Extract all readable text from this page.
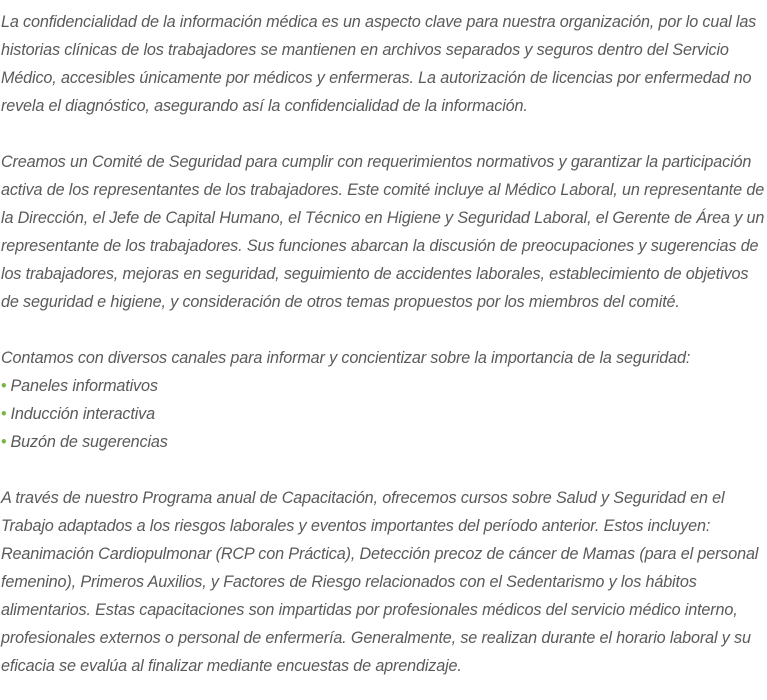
La confidencialidad de la información médica es un aspecto clave para nuestra organización, por lo cual las historias clínicas de los trabajadores se mantienen en archivos separados y seguros dentro del Servicio Médico, accesibles únicamente por médicos y enfermeras. La autorización de licencias por enfermedad no revela el diagnóstico, asegurando así la confidencialidad de la información.

Creamos un Comité de Seguridad para cumplir con requerimientos normativos y garantizar la participación activa de los representantes de los trabajadores. Este comité incluye al Médico Laboral, un representante de la Dirección, el Jefe de Capital Humano, el Técnico en Higiene y Seguridad Laboral, el Gerente de Área y un representante de los trabajadores. Sus funciones abarcan la discusión de preocupaciones y sugerencias de los trabajadores, mejoras en seguridad, seguimiento de accidentes laborales, establecimiento de objetivos de seguridad e higiene, y consideración de otros temas propuestos por los miembros del comité.

Contamos con diversos canales para informar y concientizar sobre la importancia de la seguridad:

• Paneles informativos
• Inducción interactiva
• Buzón de sugerencias

A través de nuestro Programa anual de Capacitación, ofrecemos cursos sobre Salud y Seguridad en el Trabajo adaptados a los riesgos laborales y eventos importantes del período anterior. Estos incluyen: Reanimación Cardiopulmonar (RCP con Práctica), Detección precoz de cáncer de Mamas (para el personal femenino), Primeros Auxilios, y Factores de Riesgo relacionados con el Sedentarismo y los hábitos alimentarios. Estas capacitaciones son impartidas por profesionales médicos del servicio médico interno, profesionales externos o personal de enfermería. Generalmente, se realizan durante el horario laboral y su eficacia se evalúa al finalizar mediante encuestas de aprendizaje.
